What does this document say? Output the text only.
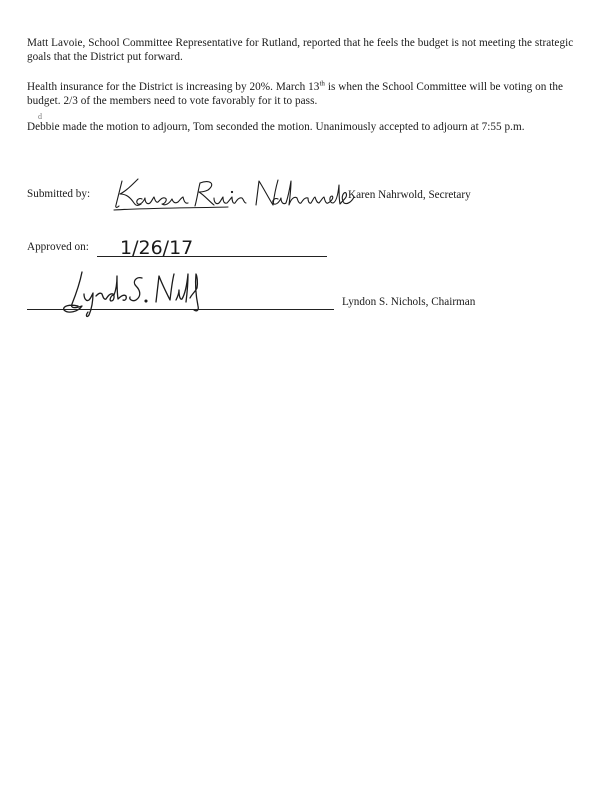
Matt Lavoie, School Committee Representative for Rutland, reported that he feels the budget is not meeting the strategic goals that the District put forward.
Health insurance for the District is increasing by 20%. March 13th is when the School Committee will be voting on the budget. 2/3 of the members need to vote favorably for it to pass.
d
Debbie made the motion to adjourn, Tom seconded the motion. Unanimously accepted to adjourn at 7:55 p.m.
Submitted by:	Karen Nahrwold, Secretary
Approved on: 1/26/17
Lyndon S. Nichols, Chairman
